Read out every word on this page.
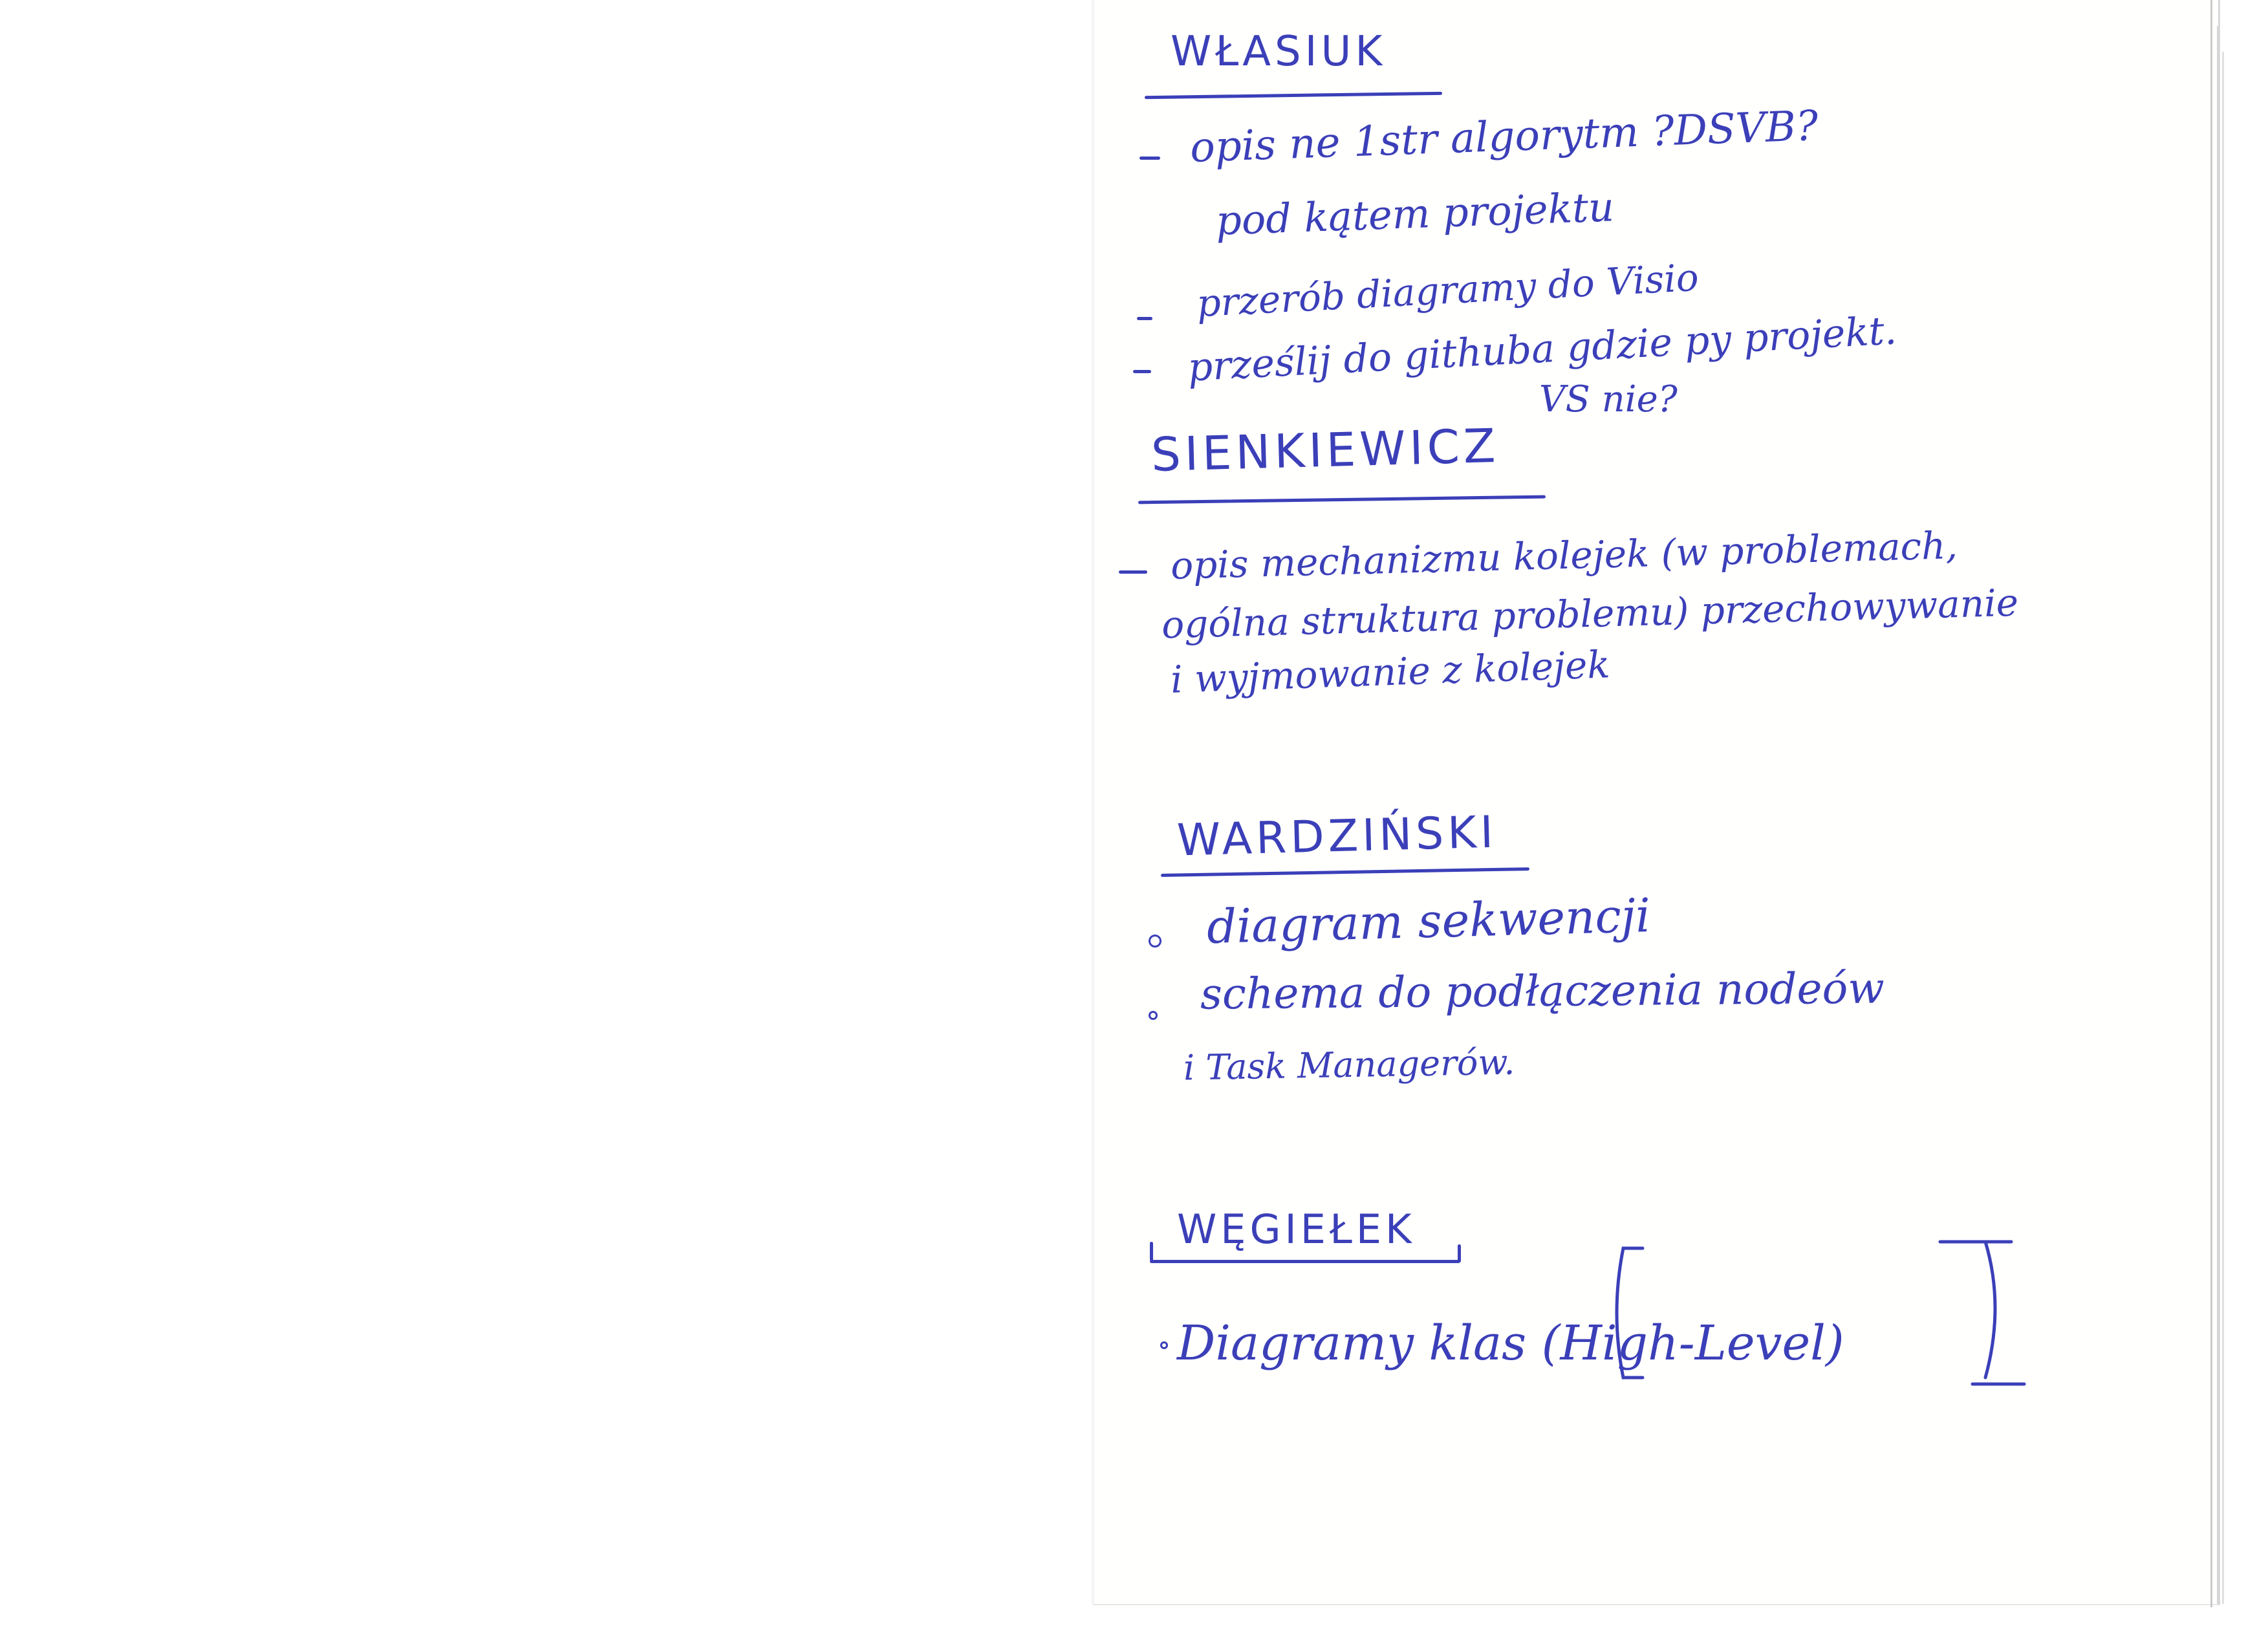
WŁASIUK
opis ne 1str algorytm ?DSVB?
pod kątem projektu
przerób diagramy do Visio
prześlij do githuba gdzie py projekt.
VS nie?
SIENKIEWICZ
opis mechanizmu kolejek (w problemach,
ogólna struktura problemu) przechowywanie
i wyjmowanie z kolejek
WARDZIŃSKI
diagram sekwencji
schema do podłączenia nodeów
i Task Managerów.
WĘGIEŁEK
Diagramy klas (High-Level)
